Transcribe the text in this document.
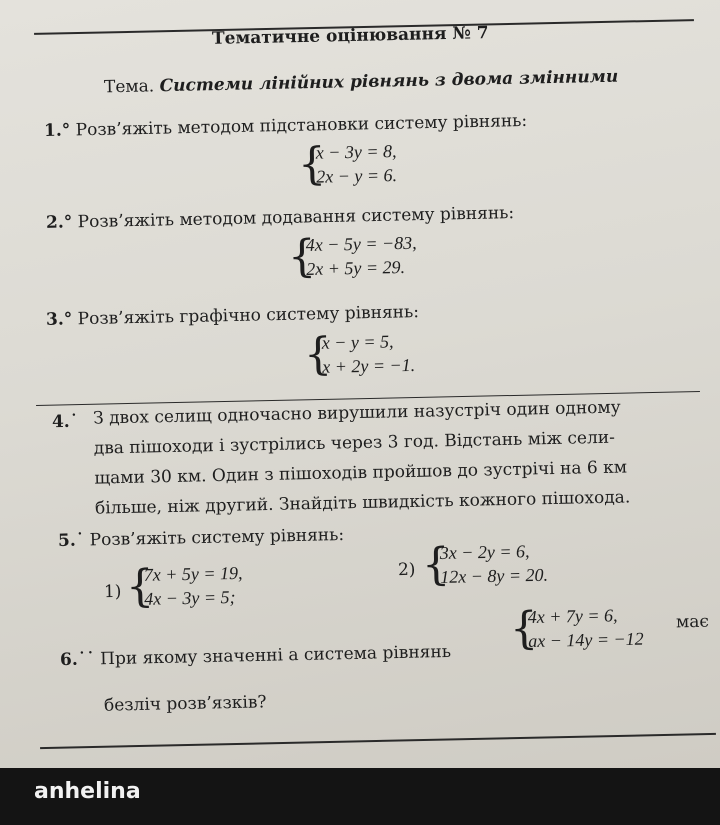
Тематичне оцінювання № 7
Тема. Системи лінійних рівнянь з двома змінними
1.° Розв’яжіть методом підстановки систему рівнянь:
{
x − 3y = 8,
2x − y = 6.
2.° Розв’яжіть методом додавання систему рівнянь:
{
4x − 5y = −83,
2x + 5y = 29.
3.° Розв’яжіть графічно систему рівнянь:
{
x − y = 5,
x + 2y = −1.
4.˙ З двох селищ одночасно вирушили назустріч один одному
два пішоходи і зустрілись через 3 год. Відстань між сели-
щами 30 км. Один з пішоходів пройшов до зустрічі на 6 км
більше, ніж другий. Знайдіть швидкість кожного пішохода.
5.˙ Розв’яжіть систему рівнянь:
1) {
7x + 5y = 19,
4x − 3y = 5;
2) {
3x − 2y = 6,
12x − 8y = 20.
6.˙˙ При якому значенні a система рівнянь
{
4x + 7y = 6,
ax − 14y = −12
має
безліч розв’язків?
anhelina
